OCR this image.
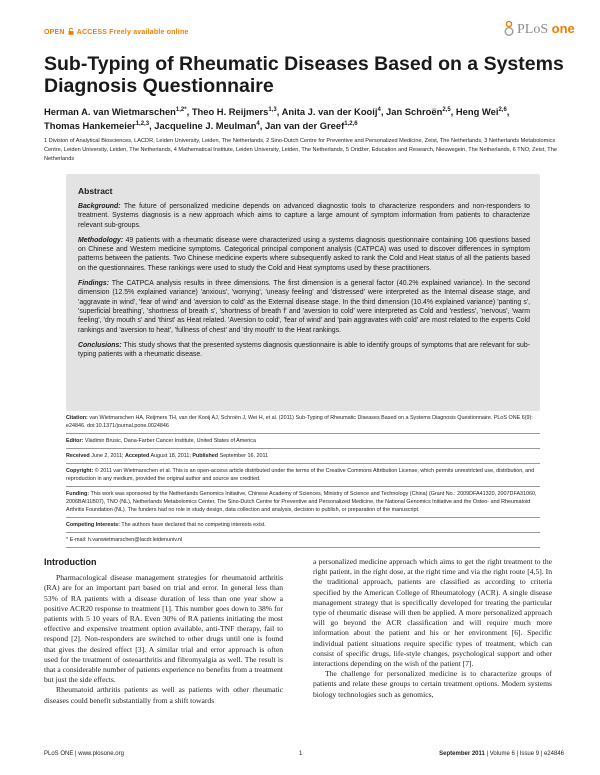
OPEN ACCESS Freely available online	PLoS one
Sub-Typing of Rheumatic Diseases Based on a Systems Diagnosis Questionnaire
Herman A. van Wietmarschen$^{1,2*}$, Theo H. Reijmers$^{1,3}$, Anita J. van der Kooij$^4$, Jan Schroën$^{2,5}$, Heng Wei$^{2,6}$, Thomas Hankemeier$^{1,2,3}$, Jacqueline J. Meulman$^4$, Jan van der Greef$^{1,2,6}$
1 Division of Analytical Biosciences, LACDR, Leiden University, Leiden, The Netherlands, 2 Sino-Dutch Centre for Preventive and Personalized Medicine, Zeist, The Netherlands, 3 Netherlands Metabolomics Centre, Leiden University, Leiden, The Netherlands, 4 Mathematical Institute, Leiden University, Leiden, The Netherlands, 5 Oridžer, Education and Research, Nieuwegein, The Netherlands, 6 TNO, Zeist, The Netherlands
Abstract

Background: The future of personalized medicine depends on advanced diagnostic tools to characterize responders and non-responders to treatment. Systems diagnosis is a new approach which aims to capture a large amount of symptom information from patients to characterize relevant sub-groups.

Methodology: 49 patients with a rheumatic disease were characterized using a systems diagnosis questionnaire containing 106 questions based on Chinese and Western medicine symptoms. Categorical principal component analysis (CATPCA) was used to discover differences in symptom patterns between the patients. Two Chinese medicine experts where subsequently asked to rank the Cold and Heat status of all the patients based on the questionnaires. These rankings were used to study the Cold and Heat symptoms used by these practitioners.

Findings: The CATPCA analysis results in three dimensions. The first dimension is a general factor (40.2% explained variance). In the second dimension (12.5% explained variance) 'anxious', 'worrying', 'uneasy feeling' and 'distressed' were interpreted as the Internal disease stage, and 'aggravate in wind', 'fear of wind' and 'aversion to cold' as the External disease stage. In the third dimension (10.4% explained variance) 'panting s', 'superficial breathing', 'shortness of breath s', 'shortness of breath f' and 'aversion to cold' were interpreted as Cold and 'restless', 'nervous', 'warm feeling', 'dry mouth s' and 'thirst' as Heat related. 'Aversion to cold', 'fear of wind' and 'pain aggravates with cold' are most related to the experts Cold rankings and 'aversion to heat', 'fullness of chest' and 'dry mouth' to the Heat rankings.

Conclusions: This study shows that the presented systems diagnosis questionnaire is able to identify groups of symptoms that are relevant for sub-typing patients with a rheumatic disease.

Citation: van Wietmarschen HA, Reijmers TH, van der Kooij AJ, Schroën J, Wei H, et al. (2011) Sub-Typing of Rheumatic Diseases Based on a Systems Diagnosis Questionnaire. PLoS ONE 6(9): e24846. doi:10.1371/journal.pone.0024846

Editor: Vladimir Brusic, Dana-Farber Cancer Institute, United States of America

Received June 2, 2011; Accepted August 18, 2011; Published September 16, 2011

Copyright: © 2011 van Wietmarschen et al. This is an open-access article distributed under the terms of the Creative Commons Attribution License, which permits unrestricted use, distribution, and reproduction in any medium, provided the original author and source are credited.

Funding: This work was sponsored by the Netherlands Genomics Initiative, Chinese Academy of Sciences, Ministry of Science and Technology (China) (Grant No.: 2009DFA41320, 2007DFA31060, 2006BAI11B07), TNO (NL), Netherlands Metabolomics Center, The Sino-Dutch Centre for Preventive and Personalized Medicine, the National Genomics Initiative and the Osteo- and Rheumatoid Arthritis Foundation (NL). The funders had no role in study design, data collection and analysis, decision to publish, or preparation of the manuscript.

Competing Interests: The authors have declared that no competing interests exist.

* E-mail: h.vanwietmarschen@lacdr.leidenuniv.nl

Introduction

Pharmacological disease management strategies for rheumatoid arthritis (RA) are for an important part based on trial and error. In general less than 53% of RA patients with a disease duration of less than one year show a positive ACR20 response to treatment [1]. This number goes down to 38% for patients with 5 10 years of RA. Even 30% of RA patients initiating the most effective and expensive treatment option available, anti-TNF therapy, fail to respond [2]. Non-responders are switched to other drugs until one is found that gives the desired effect [3]. A similar trial and error approach is often used for the treatment of osteoarthritis and fibromyalgia as well. The result is that a considerable number of patients experience no benefits from a treatment but just the side effects.

Rheumatoid arthritis patients as well as patients with other rheumatic diseases could benefit substantially from a shift towards

a personalized medicine approach which aims to get the right treatment to the right patient, in the right dose, at the right time and via the right route [4,5]. In the traditional approach, patients are classified as according to criteria specified by the American College of Rheumatology (ACR). A single disease management strategy that is specifically developed for treating the particular type of rheumatic disease will then be applied. A more personalized approach will go beyond the ACR classification and will require much more information about the patient and his or her environment [6]. Specific individual patient situations require specific types of treatment, which can consist of specific drugs, life-style changes, psychological support and other interactions depending on the wish of the patient [7].

The challenge for personalized medicine is to characterize groups of patients and relate these groups to certain treatment options. Modern systems biology technologies such as genomics,

PLoS ONE | www.plosone.org	1	September 2011 | Volume 6 | Issue 9 | e24846
